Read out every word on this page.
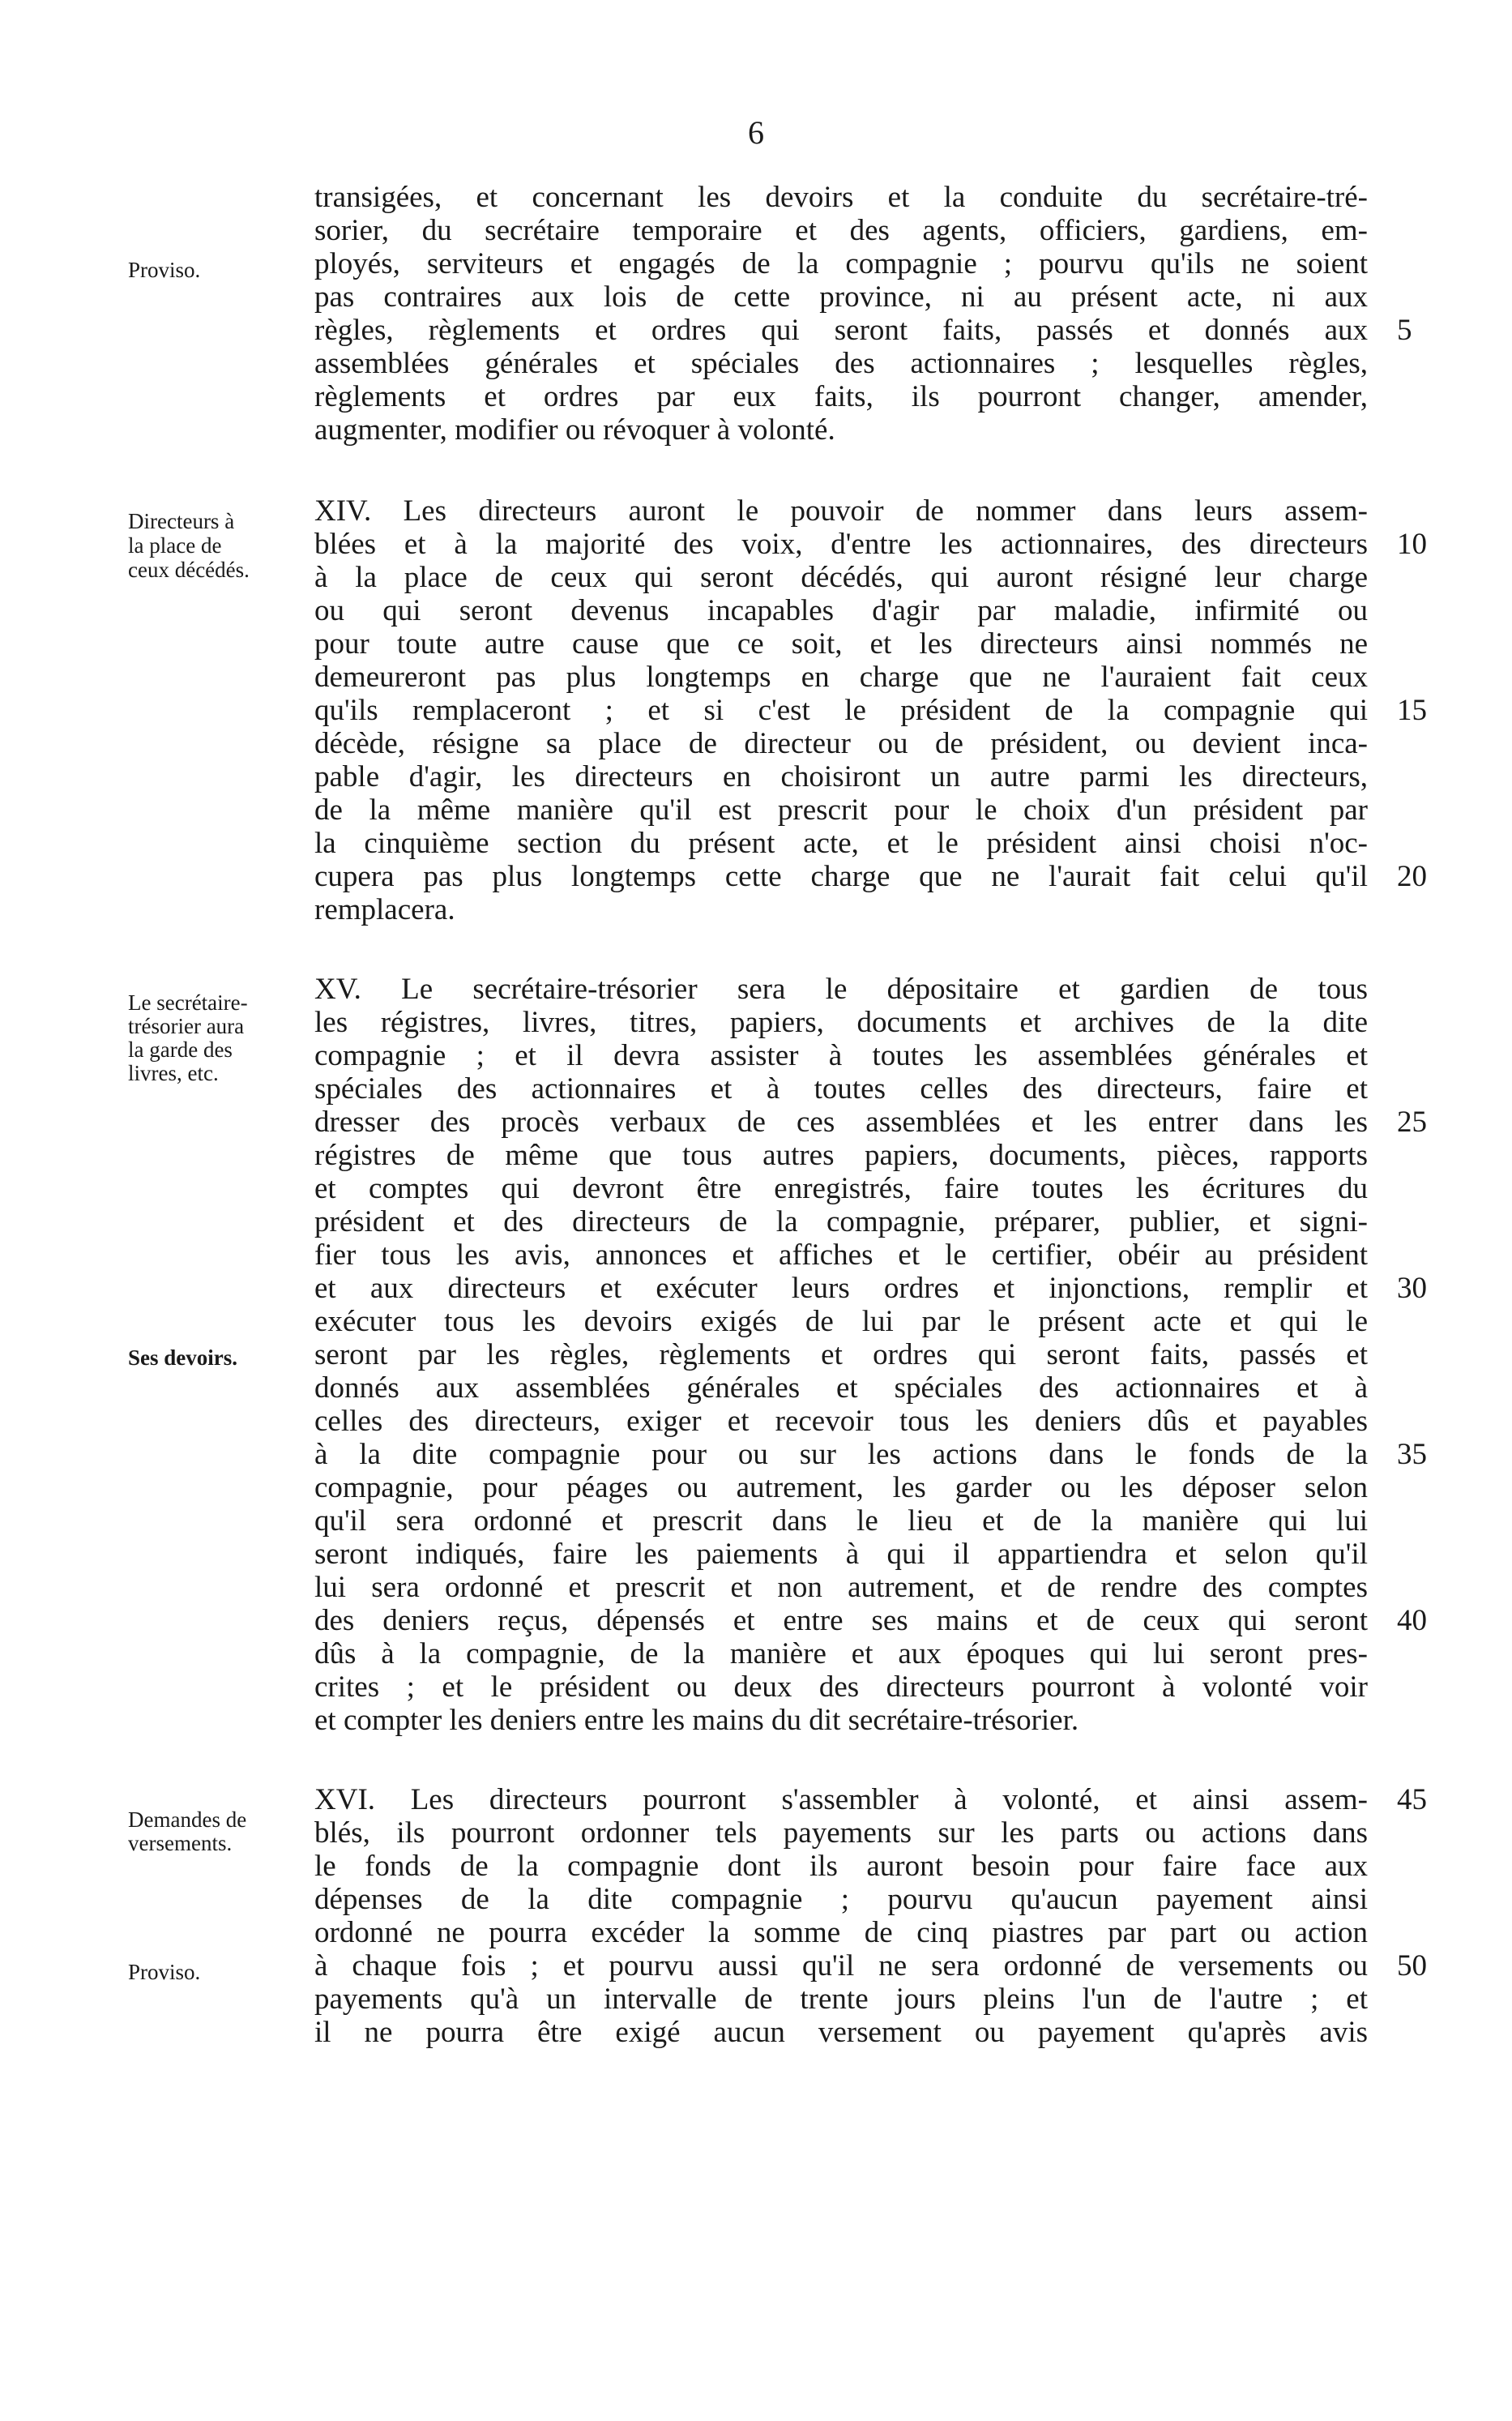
6
transigées, et concernant les devoirs et la conduite du secrétaire-tré-
sorier, du secrétaire temporaire et des agents, officiers, gardiens, em-
ployés, serviteurs et engagés de la compagnie ; pourvu qu'ils ne soient
pas contraires aux lois de cette province, ni au présent acte, ni aux
règles, règlements et ordres qui seront faits, passés et donnés aux
assemblées générales et spéciales des actionnaires ; lesquelles règles,
règlements et ordres par eux faits, ils pourront changer, amender,
augmenter, modifier ou révoquer à volonté.
XIV. Les directeurs auront le pouvoir de nommer dans leurs assem-
blées et à la majorité des voix, d'entre les actionnaires, des directeurs
à la place de ceux qui seront décédés, qui auront résigné leur charge
ou qui seront devenus incapables d'agir par maladie, infirmité ou
pour toute autre cause que ce soit, et les directeurs ainsi nommés ne
demeureront pas plus longtemps en charge que ne l'auraient fait ceux
qu'ils remplaceront ; et si c'est le président de la compagnie qui
décède, résigne sa place de directeur ou de président, ou devient inca-
pable d'agir, les directeurs en choisiront un autre parmi les directeurs,
de la même manière qu'il est prescrit pour le choix d'un président par
la cinquième section du présent acte, et le président ainsi choisi n'oc-
cupera pas plus longtemps cette charge que ne l'aurait fait celui qu'il
remplacera.
XV. Le secrétaire-trésorier sera le dépositaire et gardien de tous
les régistres, livres, titres, papiers, documents et archives de la dite
compagnie ; et il devra assister à toutes les assemblées générales et
spéciales des actionnaires et à toutes celles des directeurs, faire et
dresser des procès verbaux de ces assemblées et les entrer dans les
régistres de même que tous autres papiers, documents, pièces, rapports
et comptes qui devront être enregistrés, faire toutes les écritures du
président et des directeurs de la compagnie, préparer, publier, et signi-
fier tous les avis, annonces et affiches et le certifier, obéir au président
et aux directeurs et exécuter leurs ordres et injonctions, remplir et
exécuter tous les devoirs exigés de lui par le présent acte et qui le
seront par les règles, règlements et ordres qui seront faits, passés et
donnés aux assemblées générales et spéciales des actionnaires et à
celles des directeurs, exiger et recevoir tous les deniers dûs et payables
à la dite compagnie pour ou sur les actions dans le fonds de la
compagnie, pour péages ou autrement, les garder ou les déposer selon
qu'il sera ordonné et prescrit dans le lieu et de la manière qui lui
seront indiqués, faire les paiements à qui il appartiendra et selon qu'il
lui sera ordonné et prescrit et non autrement, et de rendre des comptes
des deniers reçus, dépensés et entre ses mains et de ceux qui seront
dûs à la compagnie, de la manière et aux époques qui lui seront pres-
crites ; et le président ou deux des directeurs pourront à volonté voir
et compter les deniers entre les mains du dit secrétaire-trésorier.
XVI. Les directeurs pourront s'assembler à volonté, et ainsi assem-
blés, ils pourront ordonner tels payements sur les parts ou actions dans
le fonds de la compagnie dont ils auront besoin pour faire face aux
dépenses de la dite compagnie ; pourvu qu'aucun payement ainsi
ordonné ne pourra excéder la somme de cinq piastres par part ou action
à chaque fois ; et pourvu aussi qu'il ne sera ordonné de versements ou
payements qu'à un intervalle de trente jours pleins l'un de l'autre ; et
il ne pourra être exigé aucun versement ou payement qu'après avis
5
10
15
20
25
30
35
40
45
50
Proviso.
Directeurs à
la place de
ceux décédés.
Le secrétaire-
trésorier aura
la garde des
livres, etc.
Ses devoirs.
Demandes de
versements.
Proviso.
